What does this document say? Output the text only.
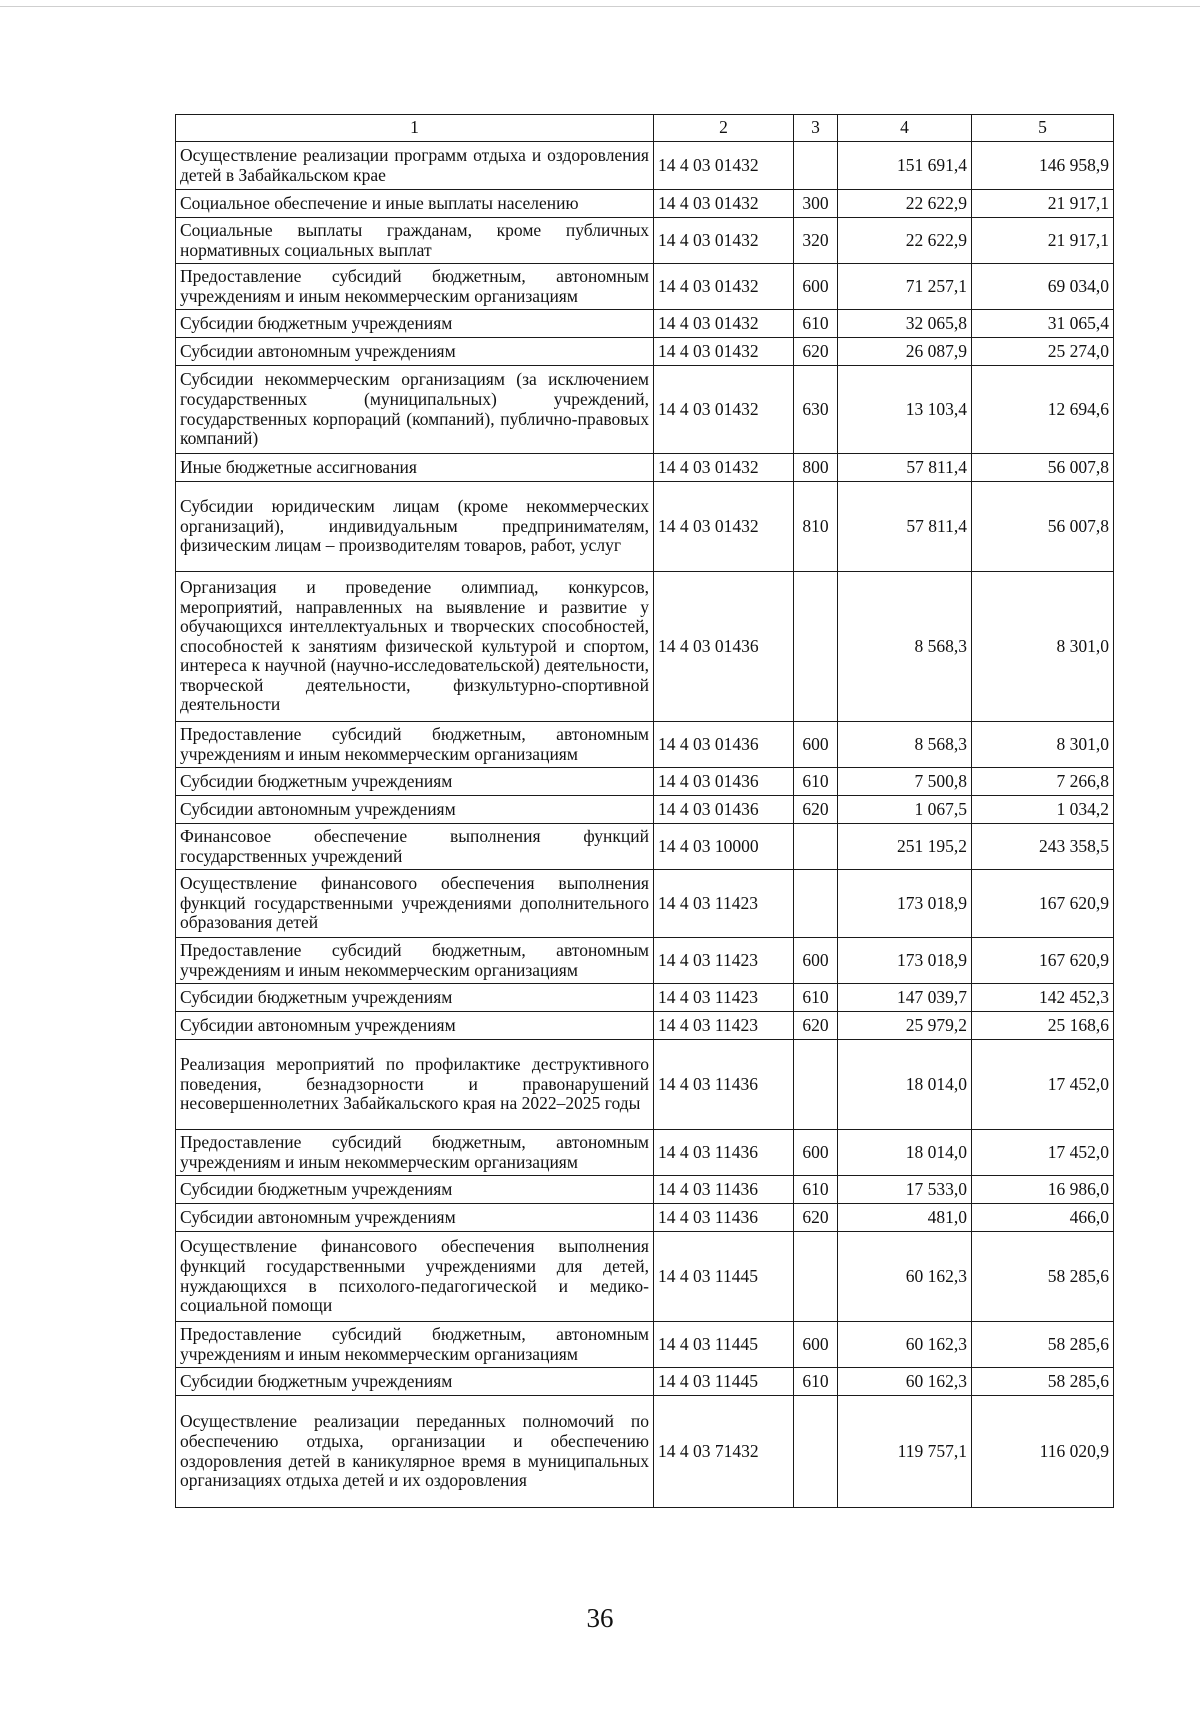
1	2	3	4	5
Осуществление реализации программ отдыха и оздоровления детей в Забайкальском крае	14 4 03 01432		151 691,4	146 958,9
Социальное обеспечение и иные выплаты населению	14 4 03 01432	300	22 622,9	21 917,1
Социальные выплаты гражданам, кроме публичных нормативных социальных выплат	14 4 03 01432	320	22 622,9	21 917,1
Предоставление субсидий бюджетным, автономным учреждениям и иным некоммерческим организациям	14 4 03 01432	600	71 257,1	69 034,0
Субсидии бюджетным учреждениям	14 4 03 01432	610	32 065,8	31 065,4
Субсидии автономным учреждениям	14 4 03 01432	620	26 087,9	25 274,0
Субсидии некоммерческим организациям (за исключением государственных (муниципальных) учреждений, государственных корпораций (компаний), публично-правовых компаний)	14 4 03 01432	630	13 103,4	12 694,6
Иные бюджетные ассигнования	14 4 03 01432	800	57 811,4	56 007,8
Субсидии юридическим лицам (кроме некоммерческих организаций), индивидуальным предпринимателям, физическим лицам – производителям товаров, работ, услуг	14 4 03 01432	810	57 811,4	56 007,8
Организация и проведение олимпиад, конкурсов, мероприятий, направленных на выявление и развитие у обучающихся интеллектуальных и творческих способностей, способностей к занятиям физической культурой и спортом, интереса к научной (научно-исследовательской) деятельности, творческой деятельности, физкультурно-спортивной деятельности	14 4 03 01436		8 568,3	8 301,0
Предоставление субсидий бюджетным, автономным учреждениям и иным некоммерческим организациям	14 4 03 01436	600	8 568,3	8 301,0
Субсидии бюджетным учреждениям	14 4 03 01436	610	7 500,8	7 266,8
Субсидии автономным учреждениям	14 4 03 01436	620	1 067,5	1 034,2
Финансовое обеспечение выполнения функций государственных учреждений	14 4 03 10000		251 195,2	243 358,5
Осуществление финансового обеспечения выполнения функций государственными учреждениями дополнительного образования детей	14 4 03 11423		173 018,9	167 620,9
Предоставление субсидий бюджетным, автономным учреждениям и иным некоммерческим организациям	14 4 03 11423	600	173 018,9	167 620,9
Субсидии бюджетным учреждениям	14 4 03 11423	610	147 039,7	142 452,3
Субсидии автономным учреждениям	14 4 03 11423	620	25 979,2	25 168,6
Реализация мероприятий по профилактике деструктивного поведения, безнадзорности и правонарушений несовершеннолетних Забайкальского края на 2022–2025 годы	14 4 03 11436		18 014,0	17 452,0
Предоставление субсидий бюджетным, автономным учреждениям и иным некоммерческим организациям	14 4 03 11436	600	18 014,0	17 452,0
Субсидии бюджетным учреждениям	14 4 03 11436	610	17 533,0	16 986,0
Субсидии автономным учреждениям	14 4 03 11436	620	481,0	466,0
Осуществление финансового обеспечения выполнения функций государственными учреждениями для детей, нуждающихся в психолого-педагогической и медико-социальной помощи	14 4 03 11445		60 162,3	58 285,6
Предоставление субсидий бюджетным, автономным учреждениям и иным некоммерческим организациям	14 4 03 11445	600	60 162,3	58 285,6
Субсидии бюджетным учреждениям	14 4 03 11445	610	60 162,3	58 285,6
Осуществление реализации переданных полномочий по обеспечению отдыха, организации и обеспечению оздоровления детей в каникулярное время в муниципальных организациях отдыха детей и их оздоровления	14 4 03 71432		119 757,1	116 020,9
36
